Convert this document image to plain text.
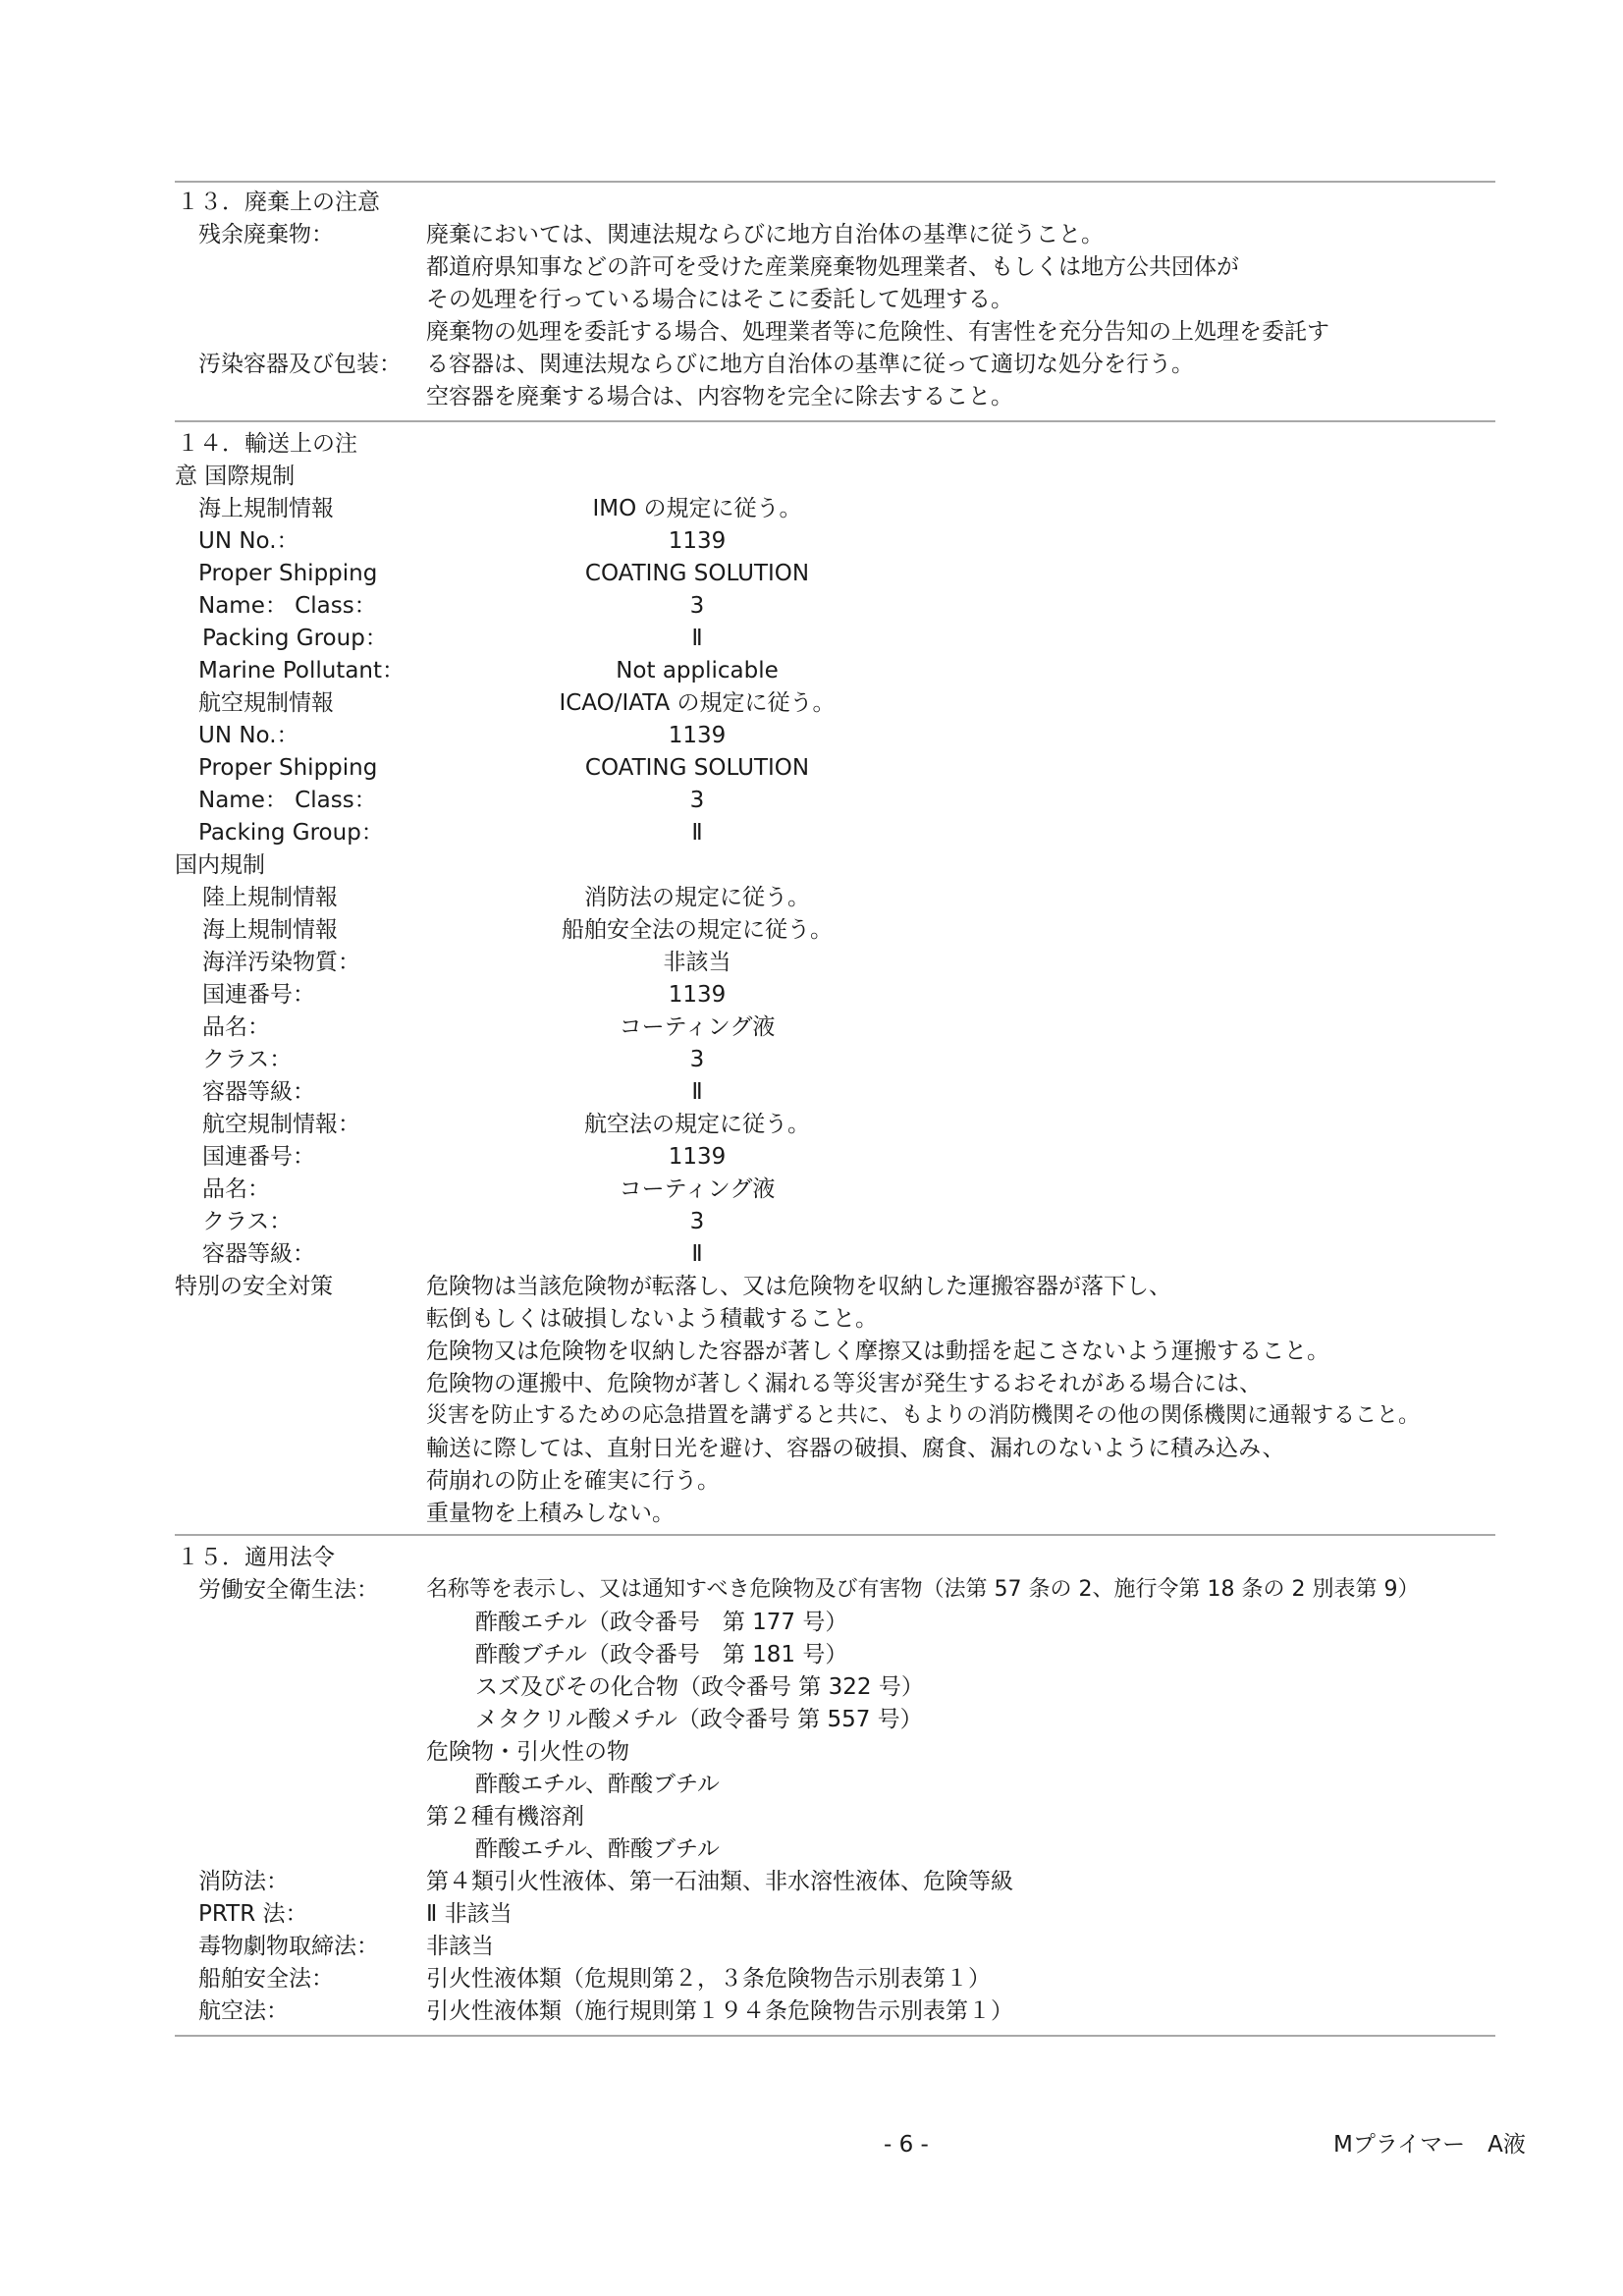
１３．廃棄上の注意
残余廃棄物：	廃棄においては、関連法規ならびに地方自治体の基準に従うこと。
都道府県知事などの許可を受けた産業廃棄物処理業者、もしくは地方公共団体が
その処理を行っている場合にはそこに委託して処理する。
廃棄物の処理を委託する場合、処理業者等に危険性、有害性を充分告知の上処理を委託す
汚染容器及び包装： る容器は、関連法規ならびに地方自治体の基準に従って適切な処分を行う。
空容器を廃棄する場合は、内容物を完全に除去すること。
１４．輸送上の注
意 国際規制
海上規制情報	IMO の規定に従う。
UN No.：	1139
Proper Shipping	COATING SOLUTION
Name： Class：	3
Packing Group：	Ⅱ
Marine Pollutant：	Not applicable
航空規制情報	ICAO/IATA の規定に従う。
UN No.：	1139
Proper Shipping	COATING SOLUTION
Name： Class：	3
Packing Group：	Ⅱ
国内規制
陸上規制情報	消防法の規定に従う。
海上規制情報	船舶安全法の規定に従う。
海洋汚染物質：	非該当
国連番号：	1139
品名：	コーティング液
クラス：	3
容器等級：	Ⅱ
航空規制情報：	航空法の規定に従う。
国連番号：	1139
品名：	コーティング液
クラス：	3
容器等級：	Ⅱ
特別の安全対策	危険物は当該危険物が転落し、又は危険物を収納した運搬容器が落下し、
転倒もしくは破損しないよう積載すること。
危険物又は危険物を収納した容器が著しく摩擦又は動揺を起こさないよう運搬すること。
危険物の運搬中、危険物が著しく漏れる等災害が発生するおそれがある場合には、
災害を防止するための応急措置を講ずると共に、もよりの消防機関その他の関係機関に通報すること。
輸送に際しては、直射日光を避け、容器の破損、腐食、漏れのないように積み込み、
荷崩れの防止を確実に行う。
重量物を上積みしない。
１５．適用法令
労働安全衛生法： 名称等を表示し、又は通知すべき危険物及び有害物（法第 57 条の 2、施行令第 18 条の 2 別表第 9）
酢酸エチル（政令番号　第 177 号）
酢酸ブチル（政令番号　第 181 号）
スズ及びその化合物（政令番号 第 322 号）
メタクリル酸メチル（政令番号 第 557 号）
危険物・引火性の物
酢酸エチル、酢酸ブチル
第２種有機溶剤
酢酸エチル、酢酸ブチル
消防法：	第４類引火性液体、第一石油類、非水溶性液体、危険等級
PRTR 法：	Ⅱ 非該当
毒物劇物取締法： 非該当
船舶安全法：	引火性液体類（危規則第２，３条危険物告示別表第１）
航空法：	引火性液体類（施行規則第１９４条危険物告示別表第１）
- 6 -	Mプライマー　A液
